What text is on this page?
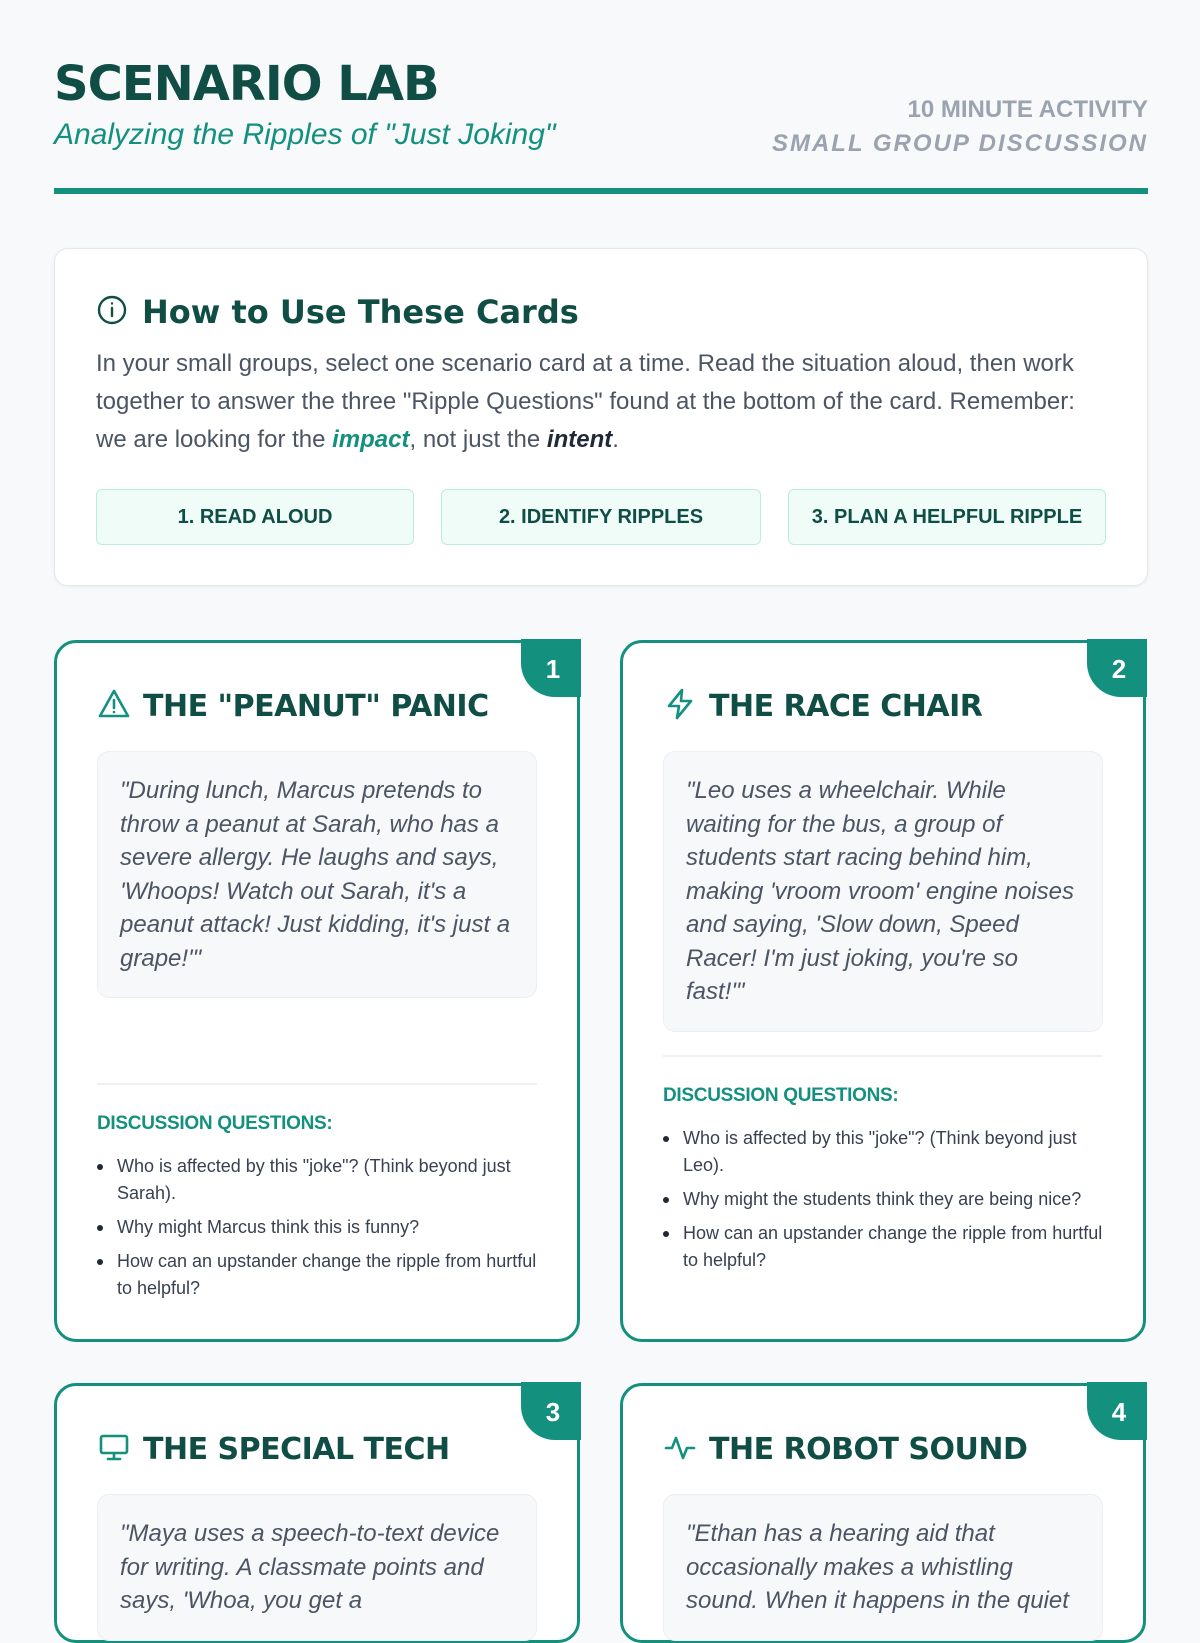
SCENARIO LAB
Analyzing the Ripples of "Just Joking"
10 MINUTE ACTIVITY
SMALL GROUP DISCUSSION
How to Use These Cards
In your small groups, select one scenario card at a time. Read the situation aloud, then work together to answer the three "Ripple Questions" found at the bottom of the card. Remember: we are looking for the impact, not just the intent.
1. READ ALOUD	2. IDENTIFY RIPPLES	3. PLAN A HELPFUL RIPPLE
1
THE "PEANUT" PANIC
"During lunch, Marcus pretends to throw a peanut at Sarah, who has a severe allergy. He laughs and says, 'Whoops! Watch out Sarah, it's a peanut attack! Just kidding, it's just a grape!'"
DISCUSSION QUESTIONS:
Who is affected by this "joke"? (Think beyond just Sarah).
Why might Marcus think this is funny?
How can an upstander change the ripple from hurtful to helpful?
2
THE RACE CHAIR
"Leo uses a wheelchair. While waiting for the bus, a group of students start racing behind him, making 'vroom vroom' engine noises and saying, 'Slow down, Speed Racer! I'm just joking, you're so fast!'"
DISCUSSION QUESTIONS:
Who is affected by this "joke"? (Think beyond just Leo).
Why might the students think they are being nice?
How can an upstander change the ripple from hurtful to helpful?
3
THE SPECIAL TECH
"Maya uses a speech-to-text device for writing. A classmate points and says, 'Whoa, you get a
4
THE ROBOT SOUND
"Ethan has a hearing aid that occasionally makes a whistling sound. When it happens in the quiet
